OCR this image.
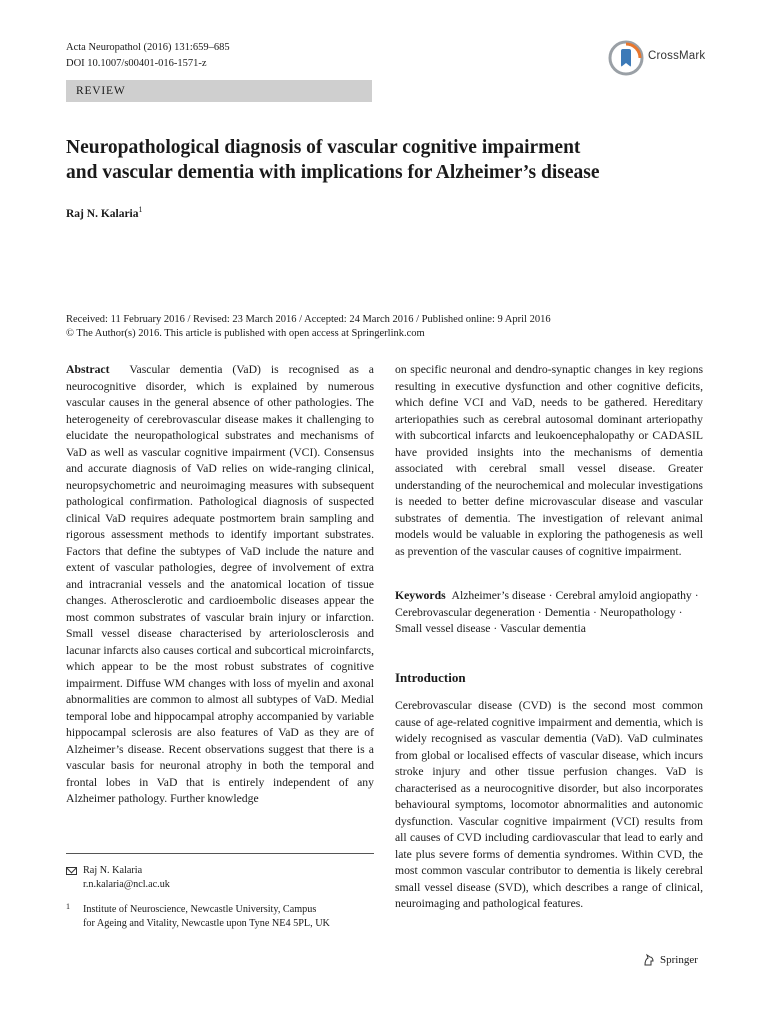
Acta Neuropathol (2016) 131:659–685
DOI 10.1007/s00401-016-1571-z
CrossMark
REVIEW
Neuropathological diagnosis of vascular cognitive impairment
and vascular dementia with implications for Alzheimer’s disease
Raj N. Kalaria$^1$
Received: 11 February 2016 / Revised: 23 March 2016 / Accepted: 24 March 2016 / Published online: 9 April 2016
© The Author(s) 2016. This article is published with open access at Springerlink.com

Abstract Vascular dementia (VaD) is recognised as a neurocognitive disorder, which is explained by numerous vascular causes in the general absence of other pathologies. The heterogeneity of cerebrovascular disease makes it challenging to elucidate the neuropathological substrates and mechanisms of VaD as well as vascular cognitive impairment (VCI). Consensus and accurate diagnosis of VaD relies on wide-ranging clinical, neuropsychometric and neuroimaging measures with subsequent pathological confirmation. Pathological diagnosis of suspected clinical VaD requires adequate postmortem brain sampling and rigorous assessment methods to identify important substrates. Factors that define the subtypes of VaD include the nature and extent of vascular pathologies, degree of involvement of extra and intracranial vessels and the anatomical location of tissue changes. Atherosclerotic and cardioembolic diseases appear the most common substrates of vascular brain injury or infarction. Small vessel disease characterised by arteriolosclerosis and lacunar infarcts also causes cortical and subcortical microinfarcts, which appear to be the most robust substrates of cognitive impairment. Diffuse WM changes with loss of myelin and axonal abnormalities are common to almost all subtypes of VaD. Medial temporal lobe and hippocampal atrophy accompanied by variable hippocampal sclerosis are also features of VaD as they are of Alzheimer’s disease. Recent observations suggest that there is a vascular basis for neuronal atrophy in both the temporal and frontal lobes in VaD that is entirely independent of any Alzheimer pathology. Further knowledge

on specific neuronal and dendro-synaptic changes in key regions resulting in executive dysfunction and other cognitive deficits, which define VCI and VaD, needs to be gathered. Hereditary arteriopathies such as cerebral autosomal dominant arteriopathy with subcortical infarcts and leukoencephalopathy or CADASIL have provided insights into the mechanisms of dementia associated with cerebral small vessel disease. Greater understanding of the neurochemical and molecular investigations is needed to better define microvascular disease and vascular substrates of dementia. The investigation of relevant animal models would be valuable in exploring the pathogenesis as well as prevention of the vascular causes of cognitive impairment.

Keywords Alzheimer’s disease · Cerebral amyloid angiopathy · Cerebrovascular degeneration · Dementia · Neuropathology · Small vessel disease · Vascular dementia
Introduction

Cerebrovascular disease (CVD) is the second most common cause of age-related cognitive impairment and dementia, which is widely recognised as vascular dementia (VaD). VaD culminates from global or localised effects of vascular disease, which incurs stroke injury and other tissue perfusion changes. VaD is characterised as a neurocognitive disorder, but also incorporates behavioural symptoms, locomotor abnormalities and autonomic dysfunction. Vascular cognitive impairment (VCI) results from all causes of CVD including cardiovascular that lead to early and late plus severe forms of dementia syndromes. Within CVD, the most common vascular contributor to dementia is likely cerebral small vessel disease (SVD), which describes a range of clinical, neuroimaging and pathological features.

Raj N. Kalaria
r.n.kalaria@ncl.ac.uk
1	Institute of Neuroscience, Newcastle University, Campus
for Ageing and Vitality, Newcastle upon Tyne NE4 5PL, UK
Springer
